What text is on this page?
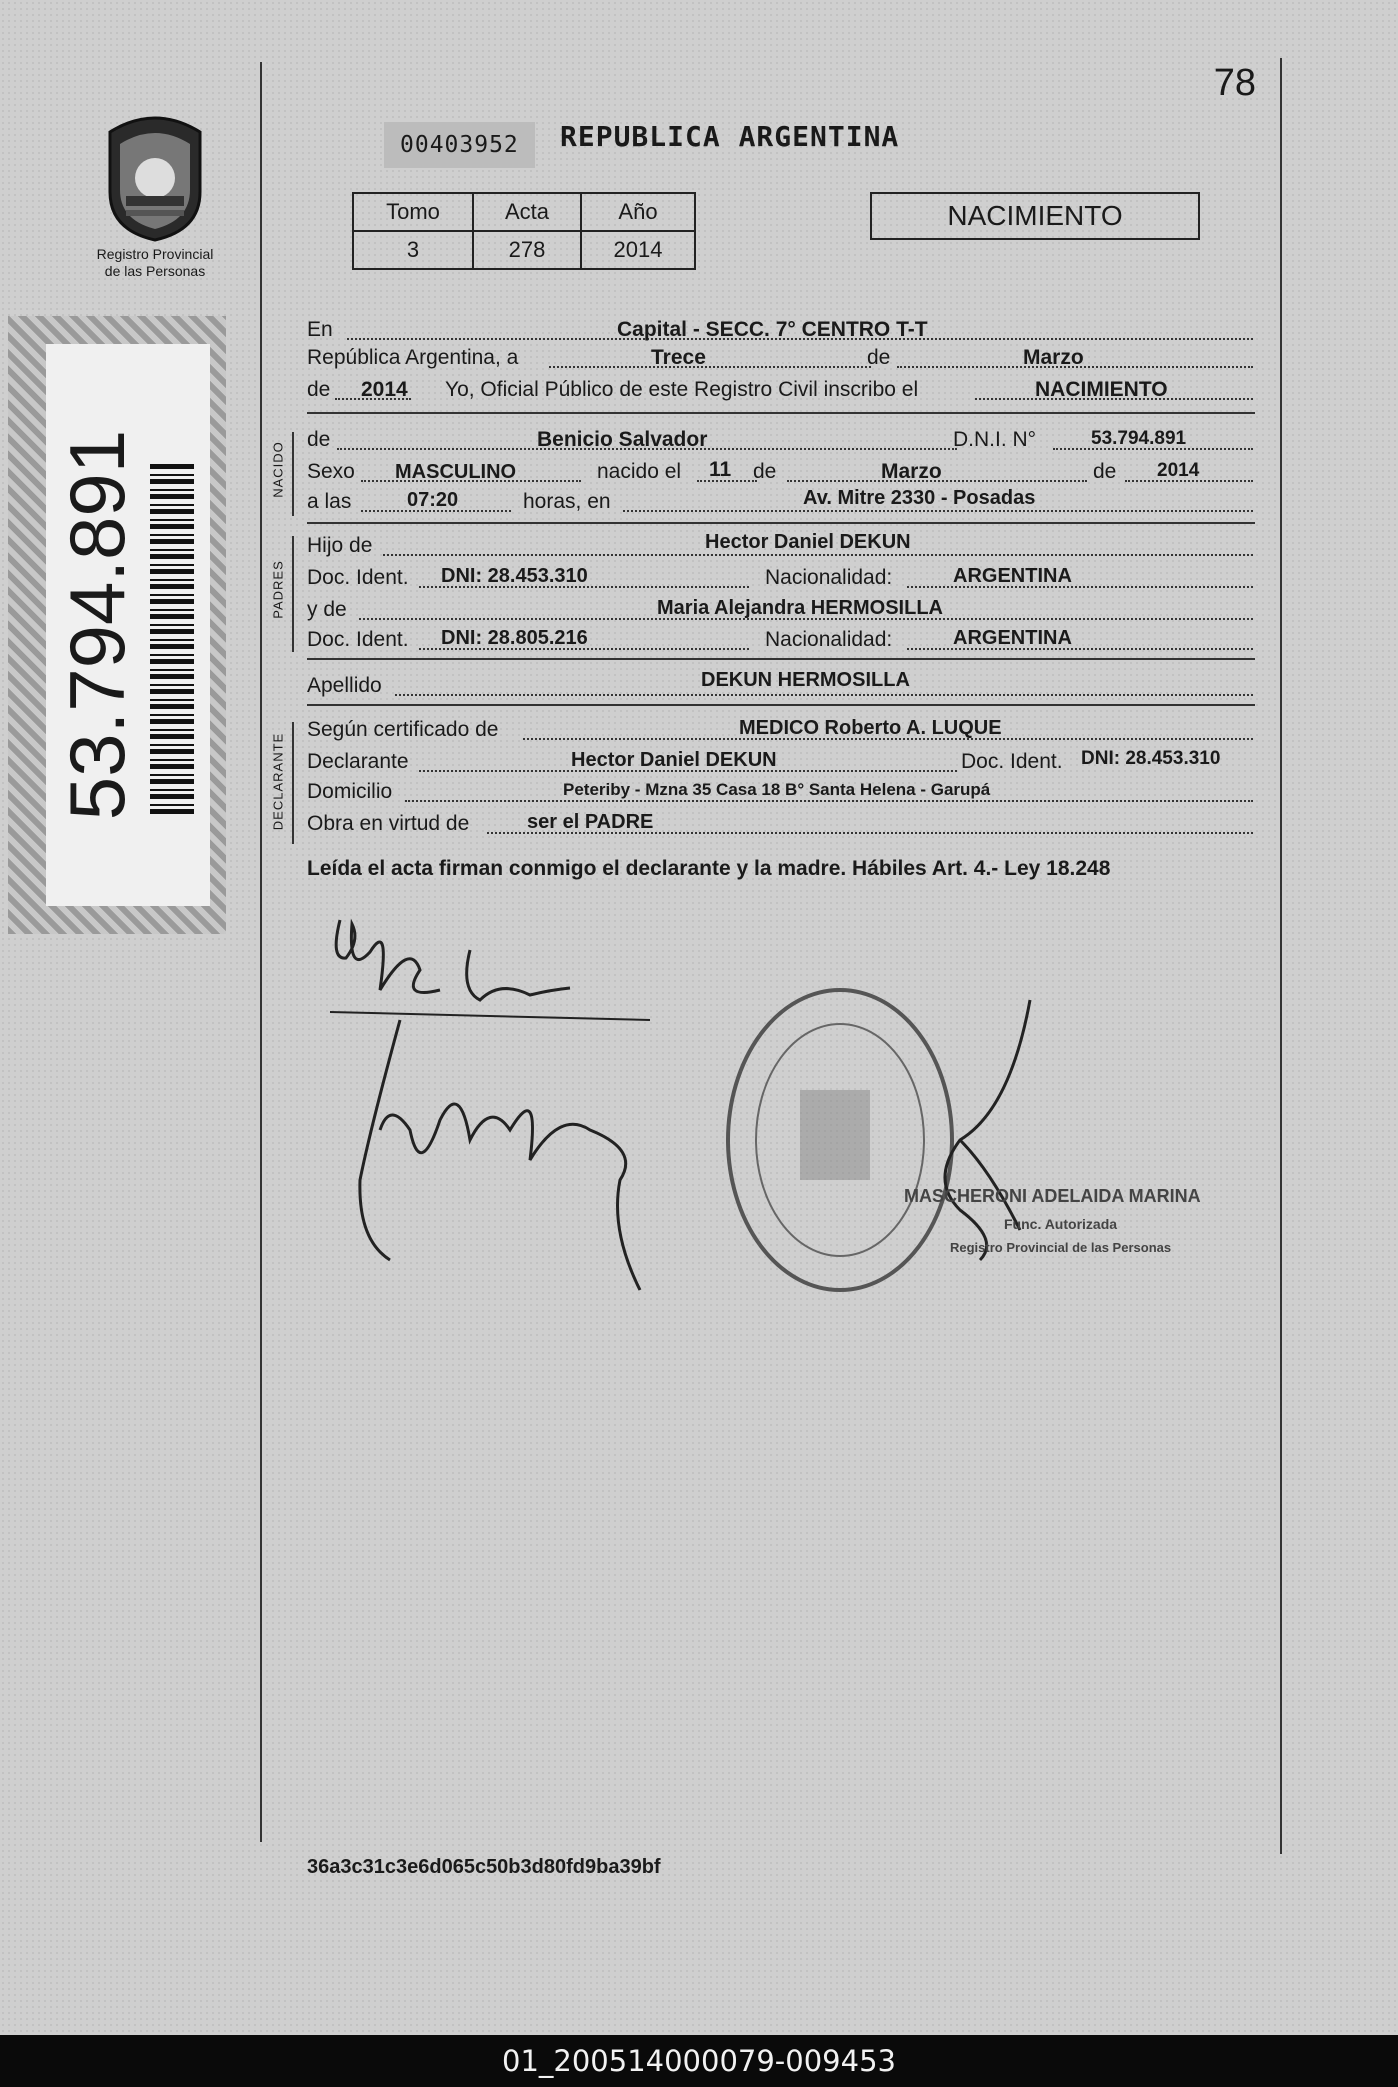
78
Registro Provincial
de las Personas
53.794.891
00403952	REPUBLICA ARGENTINA
Tomo	Acta	Año
3	278	2014
NACIMIENTO
En	Capital - SECC. 7° CENTRO T-T
República Argentina, a	Trece	de	Marzo
de 2014 Yo, Oficial Público de este Registro Civil inscribo el	NACIMIENTO
NACIDO
de	Benicio Salvador	D.N.I. N°	53.794.891
Sexo MASCULINO	nacido el 11 de	Marzo	de 2014
a las	07:20	horas, en	Av. Mitre 2330 - Posadas
PADRES
Hijo de	Hector Daniel DEKUN
Doc. Ident. DNI: 28.453.310	Nacionalidad:	ARGENTINA
y de	Maria Alejandra HERMOSILLA
Doc. Ident. DNI: 28.805.216	Nacionalidad:	ARGENTINA
Apellido	DEKUN HERMOSILLA
DECLARANTE
Según certificado de	MEDICO Roberto A. LUQUE
Declarante	Hector Daniel DEKUN	Doc. Ident. DNI: 28.453.310
Domicilio	Peteriby - Mzna 35 Casa 18 B° Santa Helena - Garupá
Obra en virtud de	ser el PADRE
Leída el acta firman conmigo el declarante y la madre. Hábiles Art. 4.- Ley 18.248
MASCHERONI ADELAIDA MARINA
Func. Autorizada
Registro Provincial de las Personas
36a3c31c3e6d065c50b3d80fd9ba39bf
01_200514000079-009453
